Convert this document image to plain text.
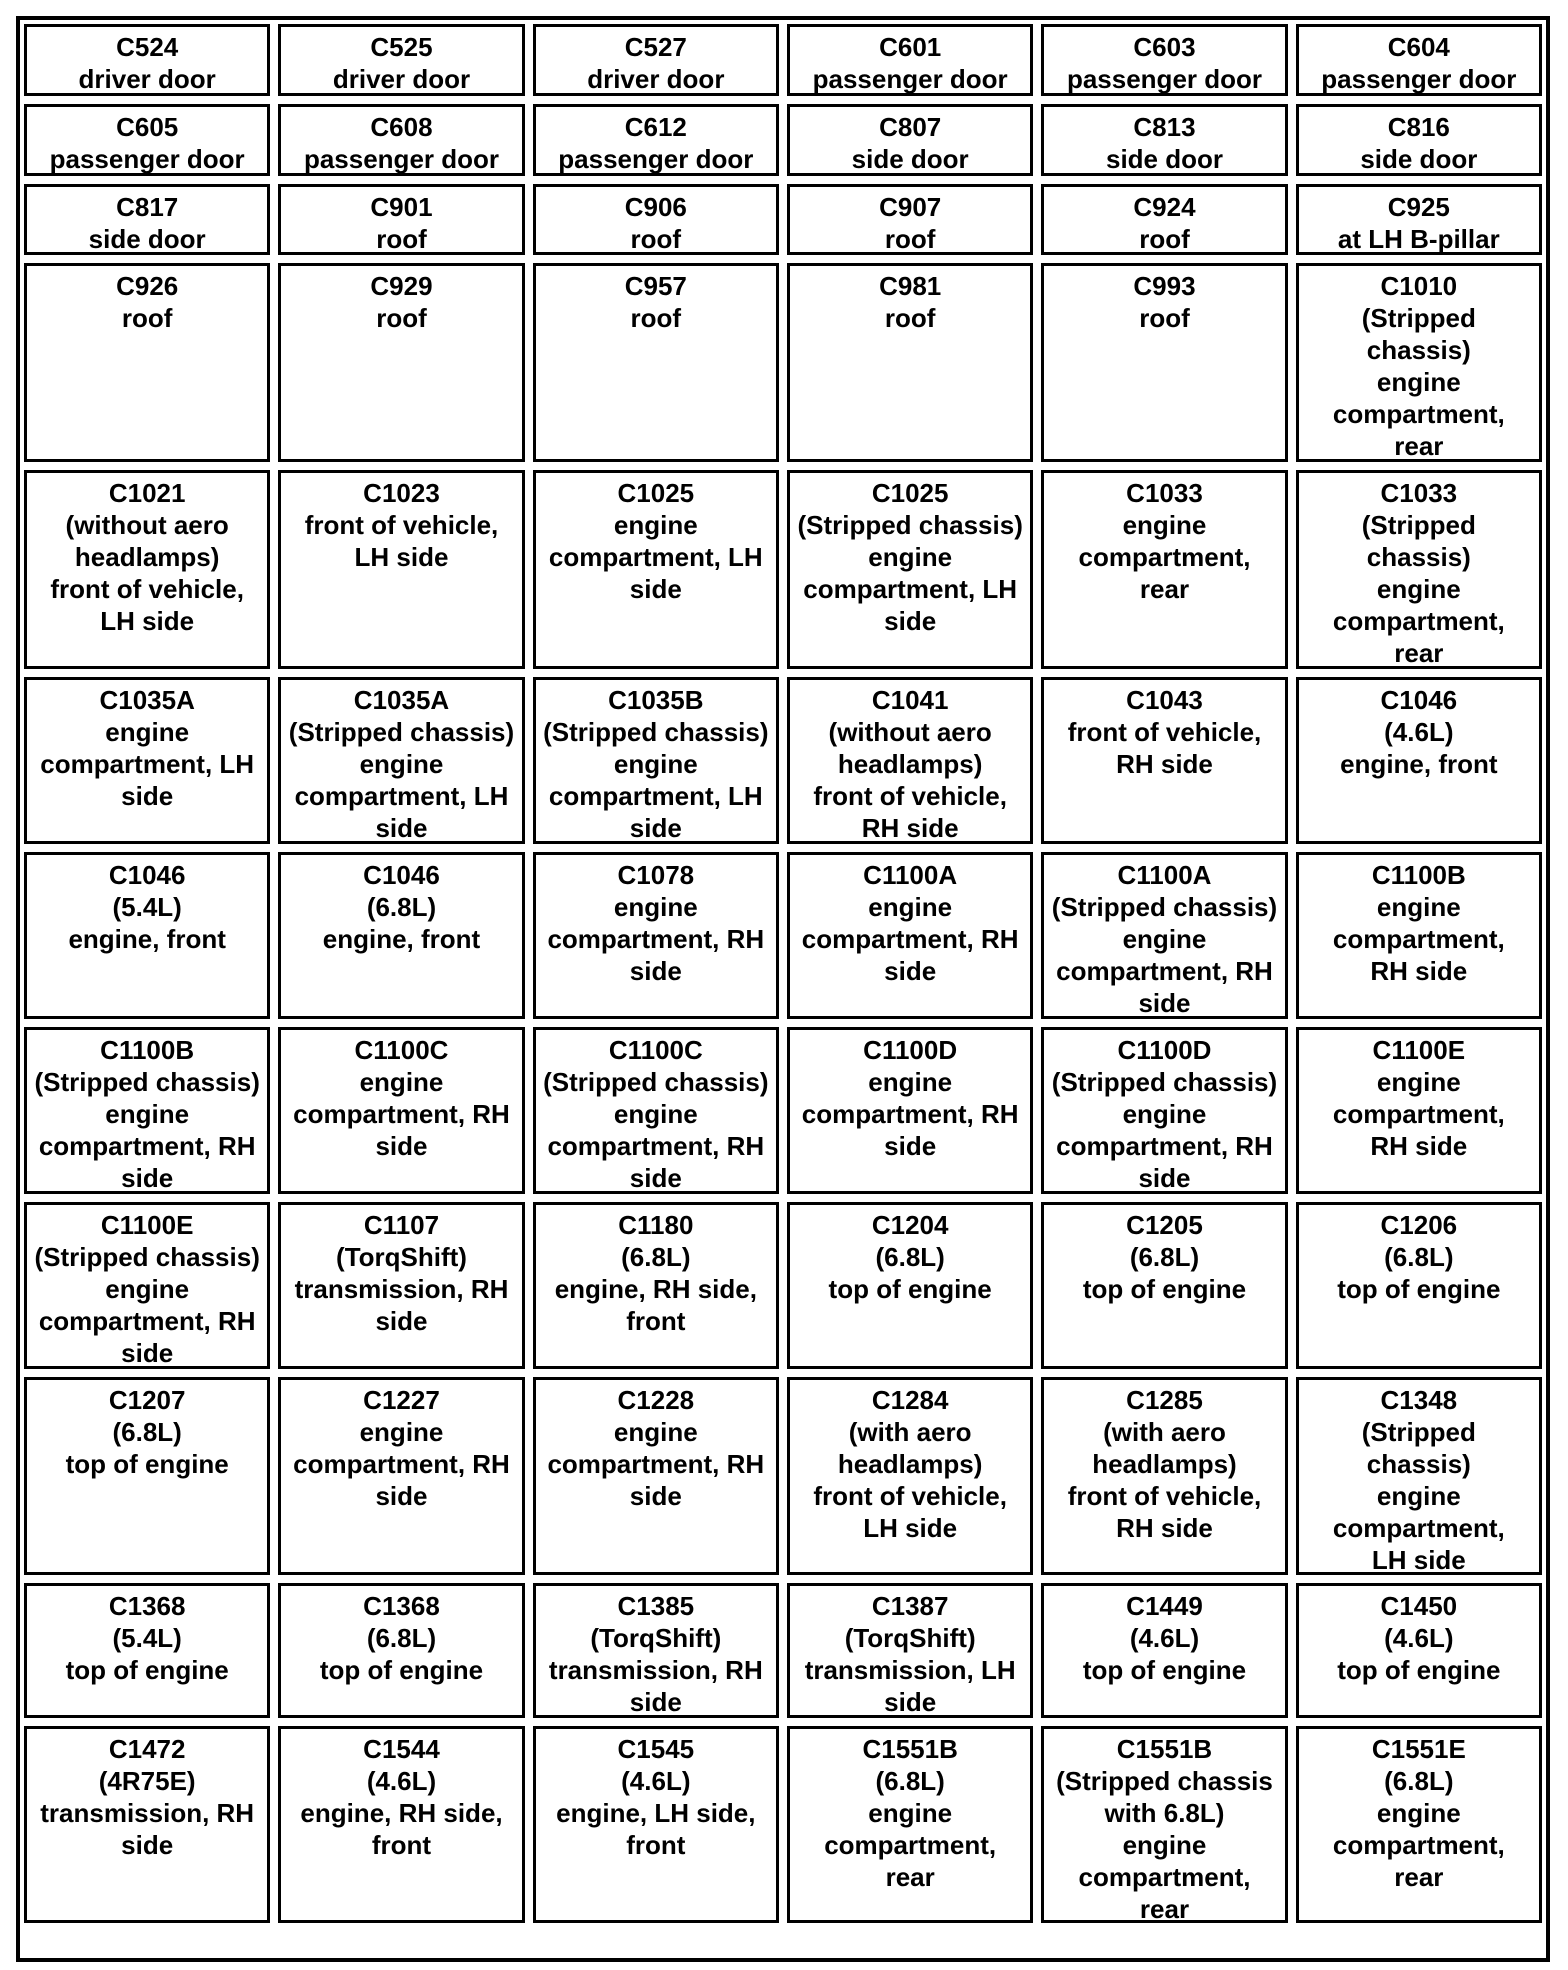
C524
driver door
C525
driver door
C527
driver door
C601
passenger door
C603
passenger door
C604
passenger door
C605
passenger door
C608
passenger door
C612
passenger door
C807
side door
C813
side door
C816
side door
C817
side door
C901
roof
C906
roof
C907
roof
C924
roof
C925
at LH B-pillar
C926
roof
C929
roof
C957
roof
C981
roof
C993
roof
C1010
(Stripped
chassis)
engine
compartment,
rear
C1021
(without aero
headlamps)
front of vehicle,
LH side
C1023
front of vehicle,
LH side
C1025
engine
compartment, LH
side
C1025
(Stripped chassis)
engine
compartment, LH
side
C1033
engine
compartment,
rear
C1033
(Stripped
chassis)
engine
compartment,
rear
C1035A
engine
compartment, LH
side
C1035A
(Stripped chassis)
engine
compartment, LH
side
C1035B
(Stripped chassis)
engine
compartment, LH
side
C1041
(without aero
headlamps)
front of vehicle,
RH side
C1043
front of vehicle,
RH side
C1046
(4.6L)
engine, front
C1046
(5.4L)
engine, front
C1046
(6.8L)
engine, front
C1078
engine
compartment, RH
side
C1100A
engine
compartment, RH
side
C1100A
(Stripped chassis)
engine
compartment, RH
side
C1100B
engine
compartment,
RH side
C1100B
(Stripped chassis)
engine
compartment, RH
side
C1100C
engine
compartment, RH
side
C1100C
(Stripped chassis)
engine
compartment, RH
side
C1100D
engine
compartment, RH
side
C1100D
(Stripped chassis)
engine
compartment, RH
side
C1100E
engine
compartment,
RH side
C1100E
(Stripped chassis)
engine
compartment, RH
side
C1107
(TorqShift)
transmission, RH
side
C1180
(6.8L)
engine, RH side,
front
C1204
(6.8L)
top of engine
C1205
(6.8L)
top of engine
C1206
(6.8L)
top of engine
C1207
(6.8L)
top of engine
C1227
engine
compartment, RH
side
C1228
engine
compartment, RH
side
C1284
(with aero
headlamps)
front of vehicle,
LH side
C1285
(with aero
headlamps)
front of vehicle,
RH side
C1348
(Stripped
chassis)
engine
compartment,
LH side
C1368
(5.4L)
top of engine
C1368
(6.8L)
top of engine
C1385
(TorqShift)
transmission, RH
side
C1387
(TorqShift)
transmission, LH
side
C1449
(4.6L)
top of engine
C1450
(4.6L)
top of engine
C1472
(4R75E)
transmission, RH
side
C1544
(4.6L)
engine, RH side,
front
C1545
(4.6L)
engine, LH side,
front
C1551B
(6.8L)
engine
compartment,
rear
C1551B
(Stripped chassis
with 6.8L)
engine
compartment,
rear
C1551E
(6.8L)
engine
compartment,
rear
